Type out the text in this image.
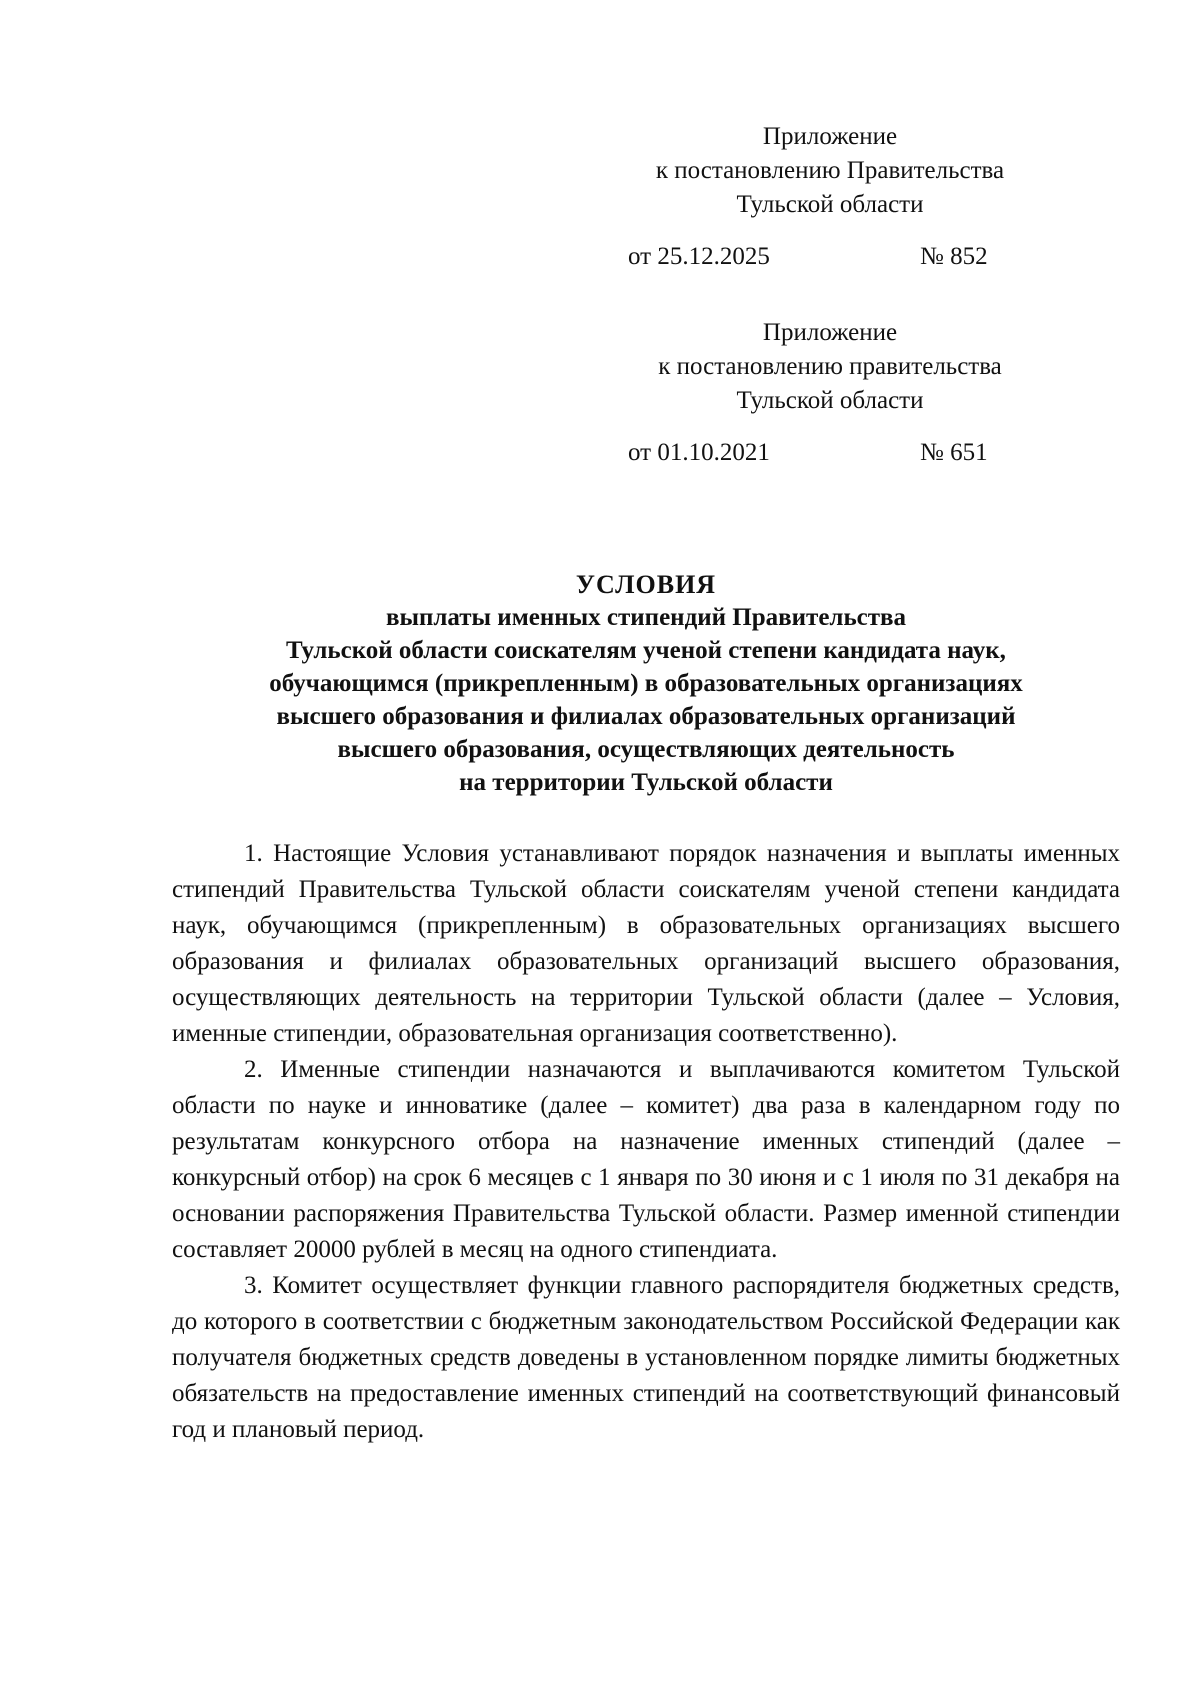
Приложение
к постановлению Правительства
Тульской области
от 25.12.2025	№ 852
Приложение
к постановлению правительства
Тульской области
от 01.10.2021	№ 651
УСЛОВИЯ
выплаты именных стипендий Правительства
Тульской области соискателям ученой степени кандидата наук,
обучающимся (прикрепленным) в образовательных организациях
высшего образования и филиалах образовательных организаций
высшего образования, осуществляющих деятельность
на территории Тульской области

1. Настоящие Условия устанавливают порядок назначения и выплаты именных стипендий Правительства Тульской области соискателям ученой степени кандидата наук, обучающимся (прикрепленным) в образовательных организациях высшего образования и филиалах образовательных организаций высшего образования, осуществляющих деятельность на территории Тульской области (далее – Условия, именные стипендии, образовательная организация соответственно).

2. Именные стипендии назначаются и выплачиваются комитетом Тульской области по науке и инноватике (далее – комитет) два раза в календарном году по результатам конкурсного отбора на назначение именных стипендий (далее – конкурсный отбор) на срок 6 месяцев с 1 января по 30 июня и с 1 июля по 31 декабря на основании распоряжения Правительства Тульской области. Размер именной стипендии составляет 20000 рублей в месяц на одного стипендиата.

3. Комитет осуществляет функции главного распорядителя бюджетных средств, до которого в соответствии с бюджетным законодательством Российской Федерации как получателя бюджетных средств доведены в установленном порядке лимиты бюджетных обязательств на предоставление именных стипендий на соответствующий финансовый год и плановый период.
